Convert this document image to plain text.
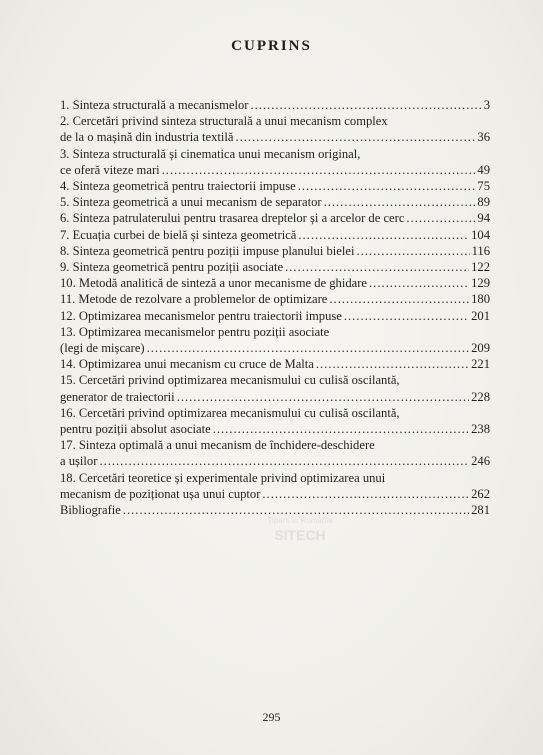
CUPRINS
1. Sinteza structurală a mecanismelor .....	3
2. Cercetări privind sinteza structurală a unui mecanism complex
de la o mașină din industria textilă .....	36
3. Sinteza structurală și cinematica unui mecanism original,
ce oferă viteze mari .....	49
4. Sinteza geometrică pentru traiectorii impuse .....	75
5. Sinteza geometrică a unui mecanism de separator .....	89
6. Sinteza patrulaterului pentru trasarea dreptelor și a arcelor de cerc .....	94
7. Ecuația curbei de bielă și sinteza geometrică .....	104
8. Sinteza geometrică pentru poziții impuse planului bielei .....	116
9. Sinteza geometrică pentru poziții asociate .....	122
10. Metodă analitică de sinteză a unor mecanisme de ghidare .....	129
11. Metode de rezolvare a problemelor de optimizare .....	180
12. Optimizarea mecanismelor pentru traiectorii impuse .....	201
13. Optimizarea mecanismelor pentru poziții asociate
(legi de mișcare) .....	209
14. Optimizarea unui mecanism cu cruce de Malta .....	221
15. Cercetări privind optimizarea mecanismului cu culisă oscilantă,
generator de traiectorii .....	228
16. Cercetări privind optimizarea mecanismului cu culisă oscilantă,
pentru poziții absolut asociate .....	238
17. Sinteza optimală a unui mecanism de închidere-deschidere
a ușilor .....	246
18. Cercetări teoretice și experimentale privind optimizarea unui
mecanism de poziționat ușa unui cuptor .....	262
Bibliografie .....	281
Tiparit în România
SITECH
295
